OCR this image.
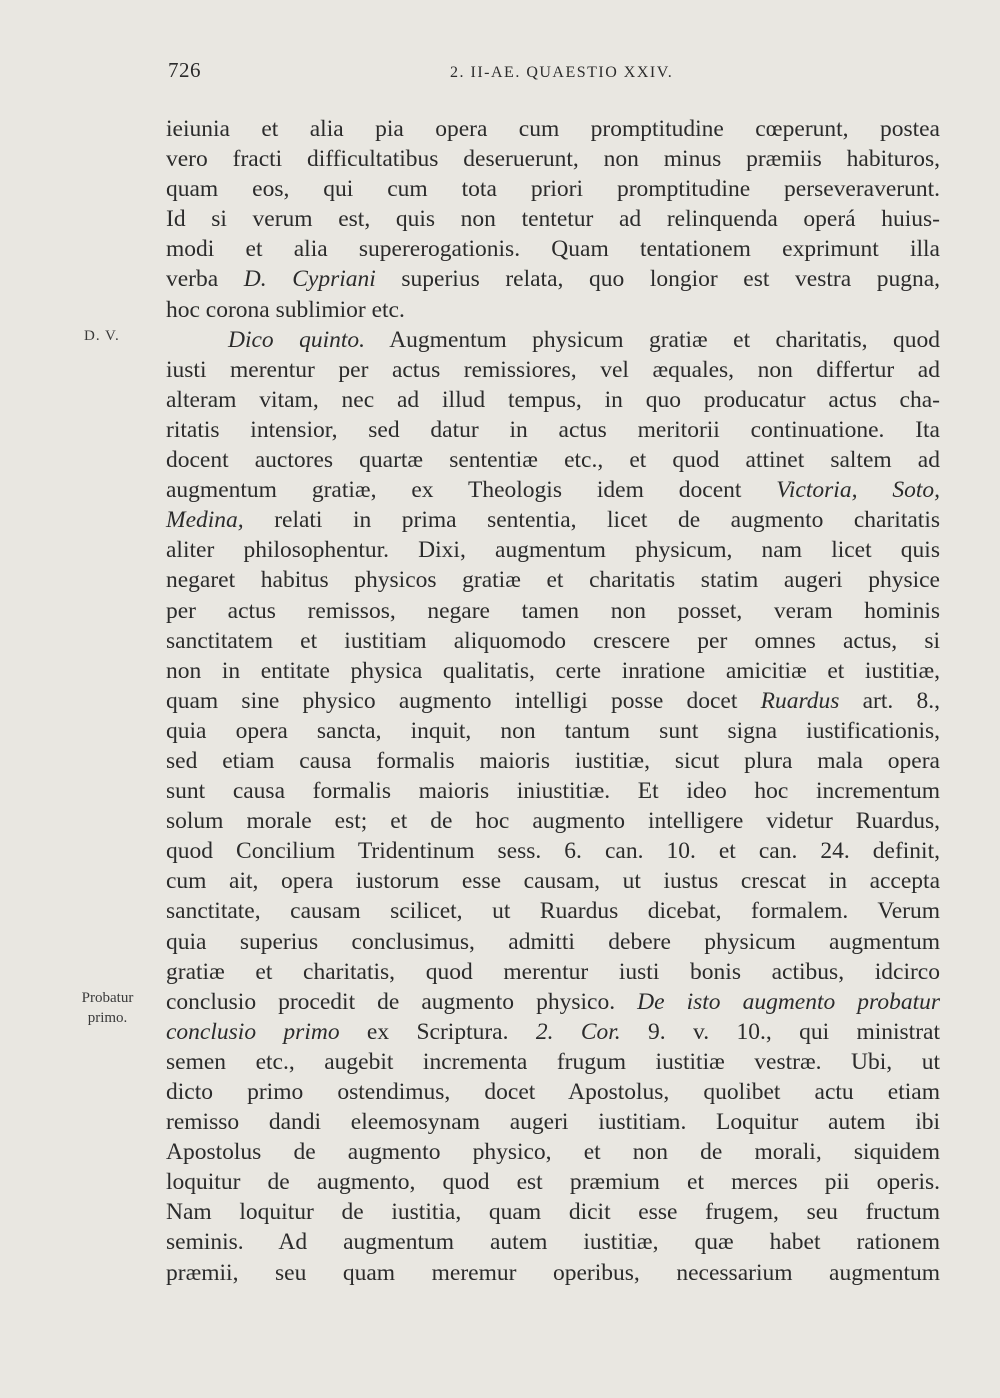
726	2. II-AE. QUAESTIO XXIV.
D. V.
Probatur
primo.
ieiunia et alia pia opera cum promptitudine cœperunt, postea
vero fracti difficultatibus deseruerunt, non minus præmiis habituros,
quam eos, qui cum tota priori promptitudine perseveraverunt.
Id si verum est, quis non tentetur ad relinquenda operá huius-
modi et alia supererogationis. Quam tentationem exprimunt illa
verba D. Cypriani superius relata, quo longior est vestra pugna,
hoc corona sublimior etc.
Dico quinto. Augmentum physicum gratiæ et charitatis, quod
iusti merentur per actus remissiores, vel æquales, non differtur ad
alteram vitam, nec ad illud tempus, in quo producatur actus cha-
ritatis intensior, sed datur in actus meritorii continuatione. Ita
docent auctores quartæ sententiæ etc., et quod attinet saltem ad
augmentum gratiæ, ex Theologis idem docent Victoria, Soto,
Medina, relati in prima sententia, licet de augmento charitatis
aliter philosophentur. Dixi, augmentum physicum, nam licet quis
negaret habitus physicos gratiæ et charitatis statim augeri physice
per actus remissos, negare tamen non posset, veram hominis
sanctitatem et iustitiam aliquomodo crescere per omnes actus, si
non in entitate physica qualitatis, certe inratione amicitiæ et iustitiæ,
quam sine physico augmento intelligi posse docet Ruardus art. 8.,
quia opera sancta, inquit, non tantum sunt signa iustificationis,
sed etiam causa formalis maioris iustitiæ, sicut plura mala opera
sunt causa formalis maioris iniustitiæ. Et ideo hoc incrementum
solum morale est; et de hoc augmento intelligere videtur Ruardus,
quod Concilium Tridentinum sess. 6. can. 10. et can. 24. definit,
cum ait, opera iustorum esse causam, ut iustus crescat in accepta
sanctitate, causam scilicet, ut Ruardus dicebat, formalem. Verum
quia superius conclusimus, admitti debere physicum augmentum
gratiæ et charitatis, quod merentur iusti bonis actibus, idcirco
conclusio procedit de augmento physico. De isto augmento probatur
conclusio primo ex Scriptura. 2. Cor. 9. v. 10., qui ministrat
semen etc., augebit incrementa frugum iustitiæ vestræ. Ubi, ut
dicto primo ostendimus, docet Apostolus, quolibet actu etiam
remisso dandi eleemosynam augeri iustitiam. Loquitur autem ibi
Apostolus de augmento physico, et non de morali, siquidem
loquitur de augmento, quod est præmium et merces pii operis.
Nam loquitur de iustitia, quam dicit esse frugem, seu fructum
seminis. Ad augmentum autem iustitiæ, quæ habet rationem
præmii, seu quam meremur operibus, necessarium augmentum
